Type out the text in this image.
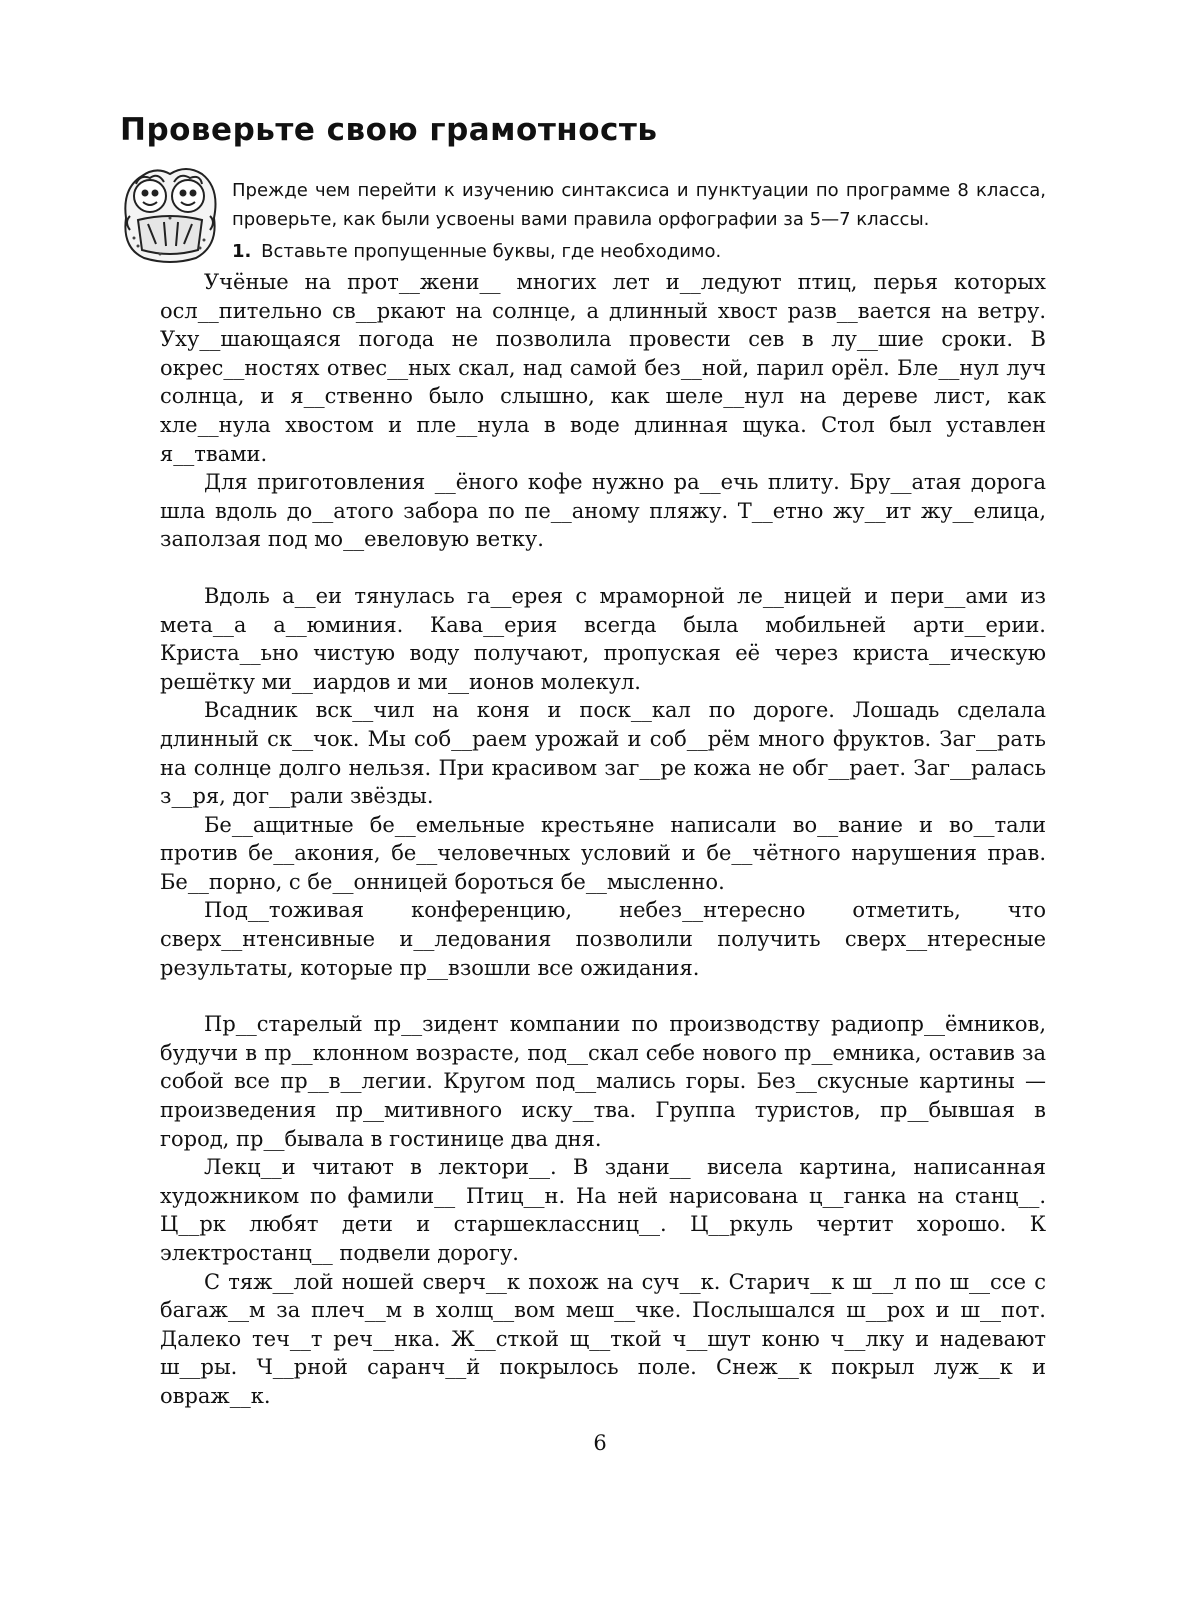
Проверьте свою грамотность

Прежде чем перейти к изучению синтаксиса и пунктуации по программе 8 класса, проверьте, как были усвоены вами правила орфографии за 5—7 классы.

1. Вставьте пропущенные буквы, где необходимо.

Учёные на прот__жени__ многих лет и__ледуют птиц, перья которых осл__пительно св__ркают на солнце, а длинный хвост разв__вается на ветру. Уху__шающаяся погода не позволила провести сев в лу__шие сроки. В окрес__ностях отвес__ных скал, над самой без__ной, парил орёл. Бле__нул луч солнца, и я__ственно было слышно, как шеле__нул на дереве лист, как хле__нула хвостом и пле__нула в воде длинная щука. Стол был уставлен я__твами.

Для приготовления __ёного кофе нужно ра__ечь плиту. Бру__атая дорога шла вдоль до__атого забора по пе__аному пляжу. Т__етно жу__ит жу__елица, заползая под мо__евеловую ветку.

Вдоль а__еи тянулась га__ерея с мраморной ле__ницей и пери__ами из мета__а а__юминия. Кава__ерия всегда была мобильней арти__ерии. Криста__ьно чистую воду получают, пропуская её через криста__ическую решётку ми__иардов и ми__ионов молекул.

Всадник вск__чил на коня и поск__кал по дороге. Лошадь сделала длинный ск__чок. Мы соб__раем урожай и соб__рём много фруктов. Заг__рать на солнце долго нельзя. При красивом заг__ре кожа не обг__рает. Заг__ралась з__ря, дог__рали звёзды.

Бе__ащитные бе__емельные крестьяне написали во__вание и во__тали против бе__акония, бе__человечных условий и бе__чётного нарушения прав. Бе__порно, с бе__онницей бороться бе__мысленно.

Под__тоживая конференцию, небез__нтересно отметить, что сверх__нтенсивные и__ледования позволили получить сверх__нтересные результаты, которые пр__взошли все ожидания.

Пр__старелый пр__зидент компании по производству радиопр__ёмников, будучи в пр__клонном возрасте, под__скал себе нового пр__емника, оставив за собой все пр__в__легии. Кругом под__мались горы. Без__скусные картины — произведения пр__митивного иску__тва. Группа туристов, пр__бывшая в город, пр__бывала в гостинице два дня.

Лекц__и читают в лектори__. В здани__ висела картина, написанная художником по фамили__ Птиц__н. На ней нарисована ц__ганка на станц__. Ц__рк любят дети и старшеклассниц__. Ц__ркуль чертит хорошо. К электростанц__ подвели дорогу.

С тяж__лой ношей сверч__к похож на суч__к. Старич__к ш__л по ш__ссе с багаж__м за плеч__м в холщ__вом меш__чке. Послышался ш__рох и ш__пот. Далеко теч__т реч__нка. Ж__сткой щ__ткой ч__шут коню ч__лку и надевают ш__ры. Ч__рной саранч__й покрылось поле. Снеж__к покрыл луж__к и овраж__к.

6
